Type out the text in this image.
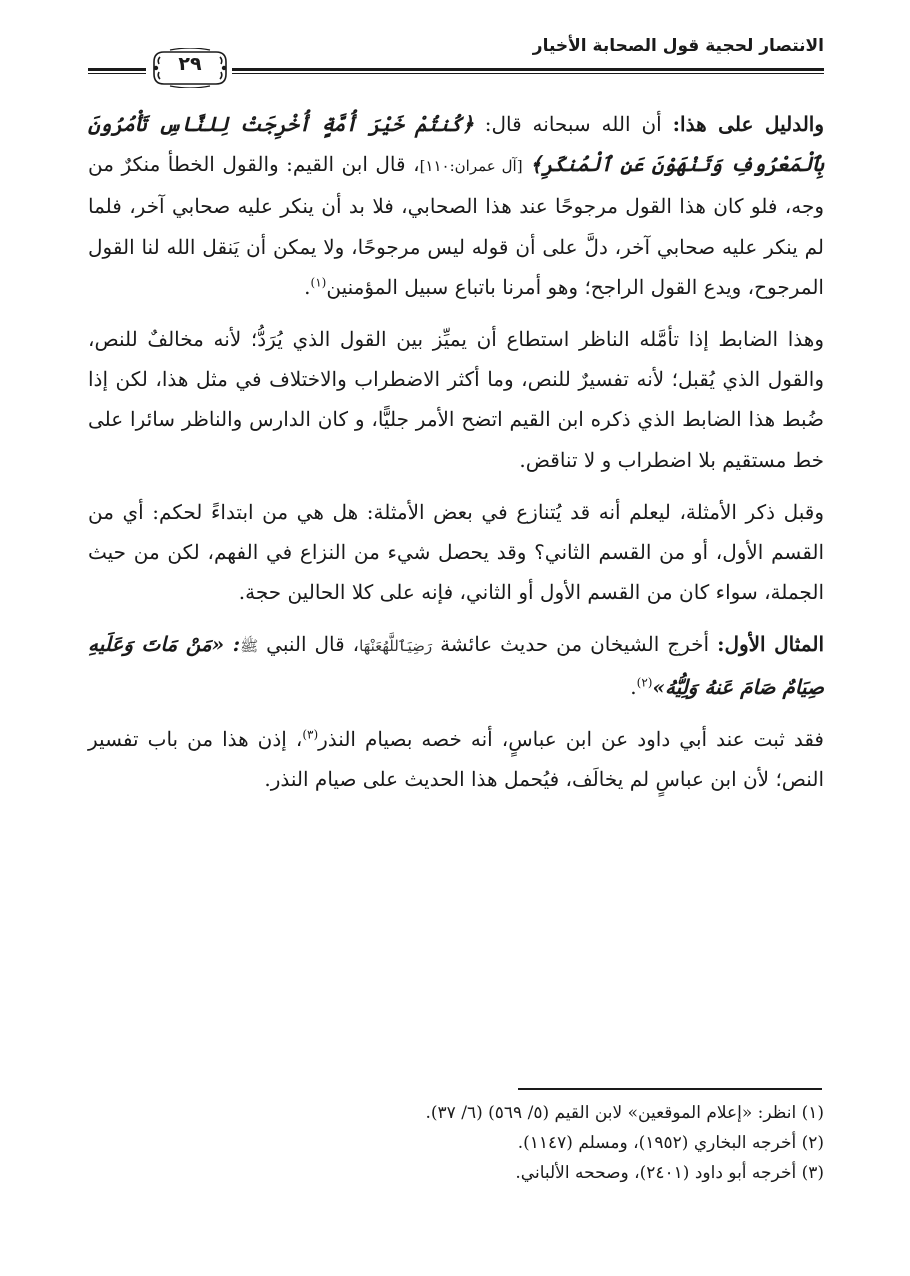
الانتصار لحجية قول الصحابة الأخيار
٢٩

والدليل على هذا: أن الله سبحانه قال: ﴿كُنتُمْ خَيْرَ أُمَّةٍ أُخْرِجَتْ لِلنَّاسِ تَأْمُرُونَ بِٱلْمَعْرُوفِ وَتَنْهَوْنَ عَنِ ٱلْمُنكَرِ﴾ [آل عمران:١١٠]، قال ابن القيم: والقول الخطأ منكرٌ من وجه، فلو كان هذا القول مرجوحًا عند هذا الصحابي، فلا بد أن ينكر عليه صحابي آخر، فلما لم ينكر عليه صحابي آخر، دلَّ على أن قوله ليس مرجوحًا، ولا يمكن أن يَنقل الله لنا القول المرجوح، ويدع القول الراجح؛ وهو أمرنا باتباع سبيل المؤمنين$^{(١)}$.

وهذا الضابط إذا تأمَّله الناظر استطاع أن يميِّز بين القول الذي يُرَدُّ؛ لأنه مخالفٌ للنص، والقول الذي يُقبل؛ لأنه تفسيرٌ للنص، وما أكثر الاضطراب والاختلاف في مثل هذا، لكن إذا ضُبط هذا الضابط الذي ذكره ابن القيم اتضح الأمر جليًّا، و كان الدارس والناظر سائرا على خط مستقيم بلا اضطراب و لا تناقض.

وقبل ذكر الأمثلة، ليعلم أنه قد يُتنازع في بعض الأمثلة: هل هي من ابتداءً لحكم: أي من القسم الأول، أو من القسم الثاني؟ وقد يحصل شيء من النزاع في الفهم، لكن من حيث الجملة، سواء كان من القسم الأول أو الثاني، فإنه على كلا الحالين حجة.

المثال الأول: أخرج الشيخان من حديث عائشة رَضِيَٱللَّهُعَنْهَا، قال النبي ﷺ: «مَنْ مَاتَ وَعَلَيهِ صِيَامٌ صَامَ عَنهُ وَلِيُّهُ»$^{(٢)}$.

فقد ثبت عند أبي داود عن ابن عباسٍ، أنه خصه بصيام النذر$^{(٣)}$، إذن هذا من باب تفسير النص؛ لأن ابن عباسٍ لم يخالَف، فيُحمل هذا الحديث على صيام النذر.

(١) انظر: «إعلام الموقعين» لابن القيم (٥/ ٥٦٩) (٦/ ٣٧).
(٢) أخرجه البخاري (١٩٥٢)، ومسلم (١١٤٧).
(٣) أخرجه أبو داود (٢٤٠١)، وصححه الألباني.
